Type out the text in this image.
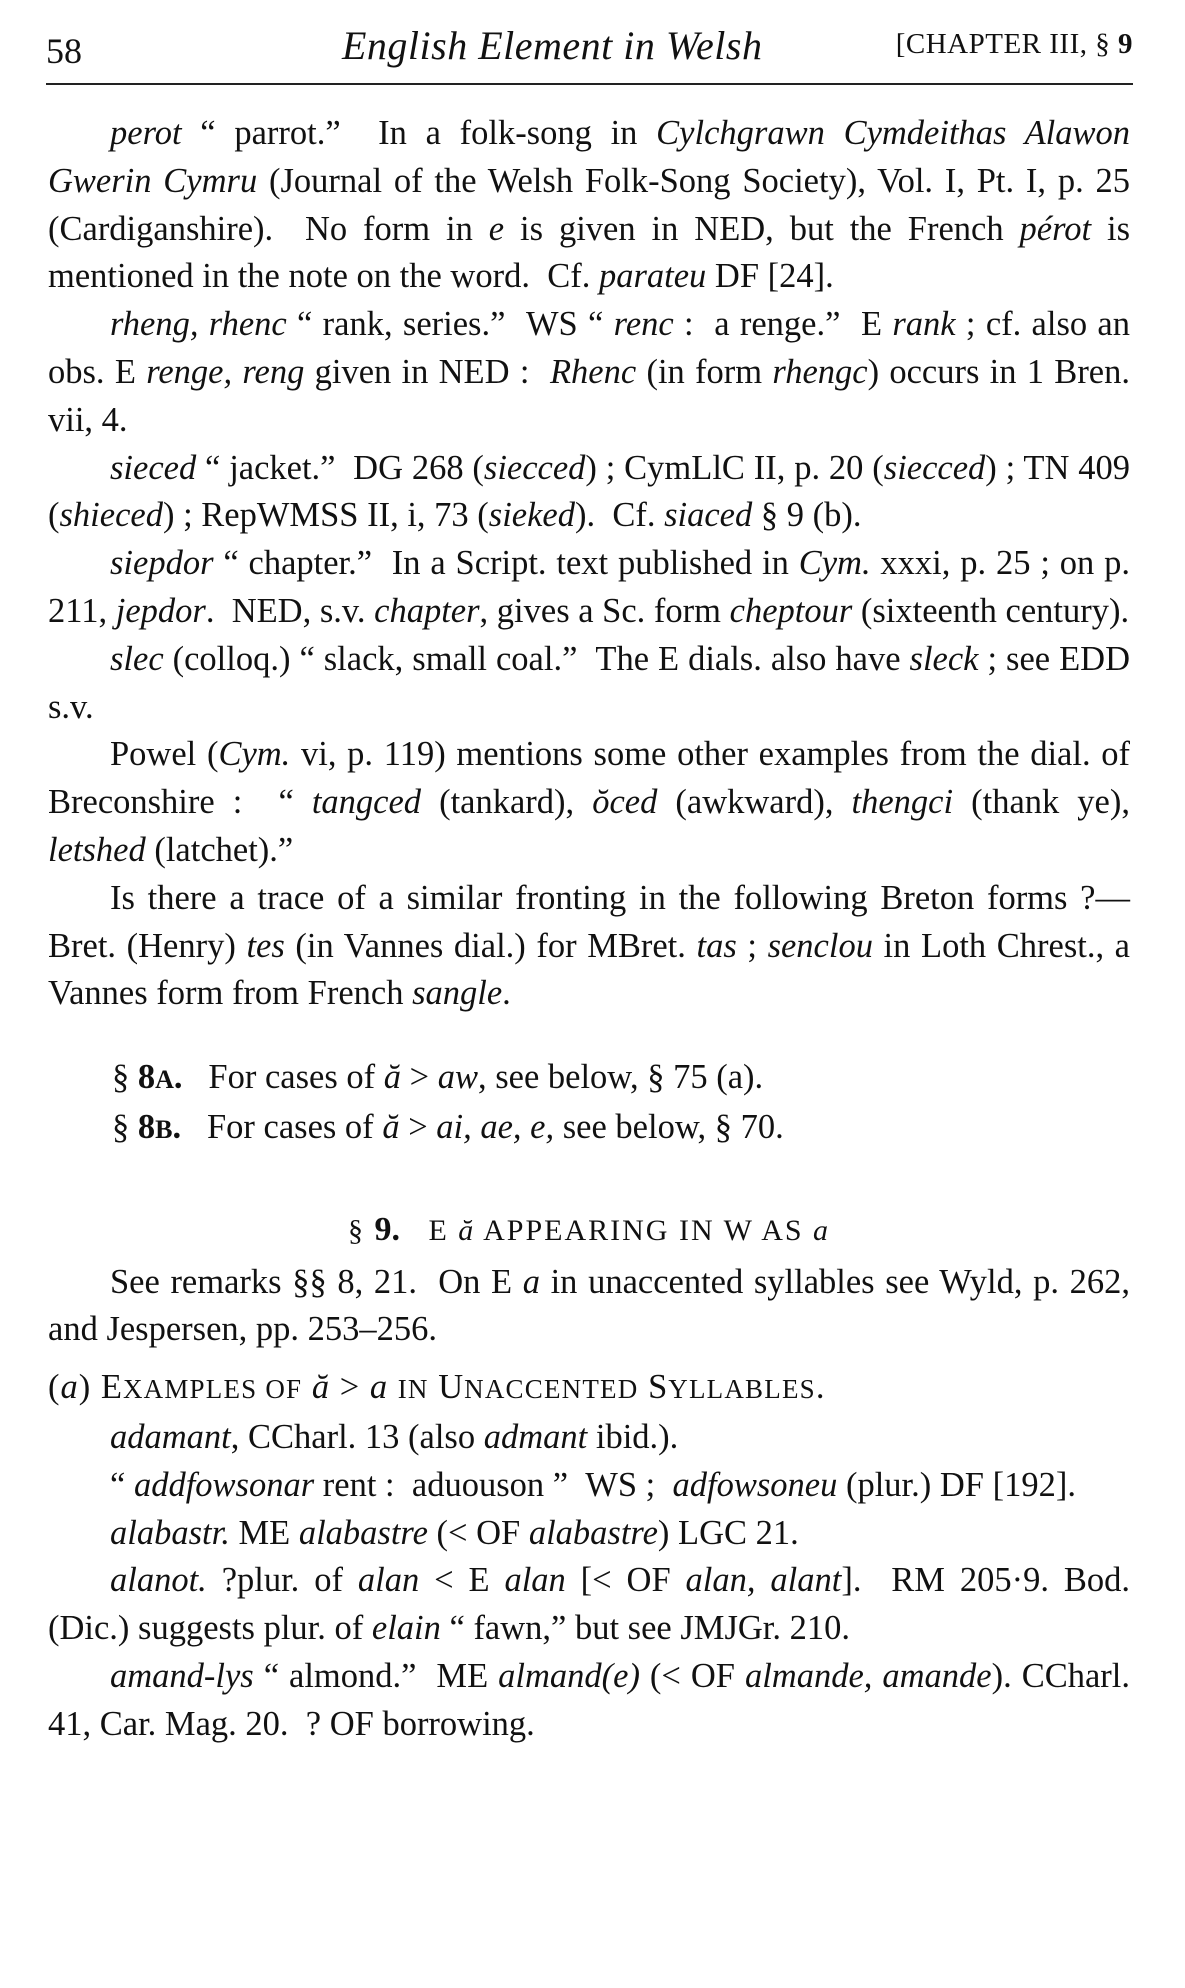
58	English Element in Welsh	[CHAPTER III, § 9

perot “ parrot.”  In a folk-song in Cylchgrawn Cymdeithas Alawon Gwerin Cymru (Journal of the Welsh Folk-Song Society), Vol. I, Pt. I, p. 25 (Cardiganshire).  No form in e is given in NED, but the French pérot is mentioned in the note on the word.  Cf. parateu DF [24].

rheng, rhenc “ rank, series.”  WS “ renc :  a renge.”  E rank ; cf. also an obs. E renge, reng given in NED :  Rhenc (in form rhengc) occurs in 1 Bren. vii, 4.

sieced “ jacket.”  DG 268 (siecced) ; CymLlC II, p. 20 (siecced) ; TN 409 (shieced) ; RepWMSS II, i, 73 (sieked).  Cf. siaced § 9 (b).

siepdor “ chapter.”  In a Script. text published in Cym. xxxi, p. 25 ; on p. 211, jepdor.  NED, s.v. chapter, gives a Sc. form cheptour (sixteenth century).

slec (colloq.) “ slack, small coal.”  The E dials. also have sleck ; see EDD s.v.

Powel (Cym. vi, p. 119) mentions some other examples from the dial. of Breconshire :  “ tangced (tankard), ŏced (awkward), thengci (thank ye), letshed (latchet).”

Is there a trace of a similar fronting in the following Breton forms ?—Bret. (Henry) tes (in Vannes dial.) for MBret. tas ; senclou in Loth Chrest., a Vannes form from French sangle.

§ 8A.   For cases of ă > aw, see below, § 75 (a).

§ 8B.   For cases of ă > ai, ae, e, see below, § 70.

§ 9.   E ă APPEARING IN W AS a

See remarks §§ 8, 21.  On E a in unaccented syllables see Wyld, p. 262, and Jespersen, pp. 253–256.

(a) EXAMPLES OF ă > a IN UNACCENTED SYLLABLES.

adamant, CCharl. 13 (also admant ibid.).

“ addfowsonar rent :  aduouson ”  WS ;  adfowsoneu (plur.) DF [192].

alabastr. ME alabastre (< OF alabastre) LGC 21.

alanot. ?plur. of alan < E alan [< OF alan, alant].  RM 205·9. Bod. (Dic.) suggests plur. of elain “ fawn,” but see JMJGr. 210.

amand-lys “ almond.”  ME almand(e) (< OF almande, amande). CCharl. 41, Car. Mag. 20.  ? OF borrowing.
